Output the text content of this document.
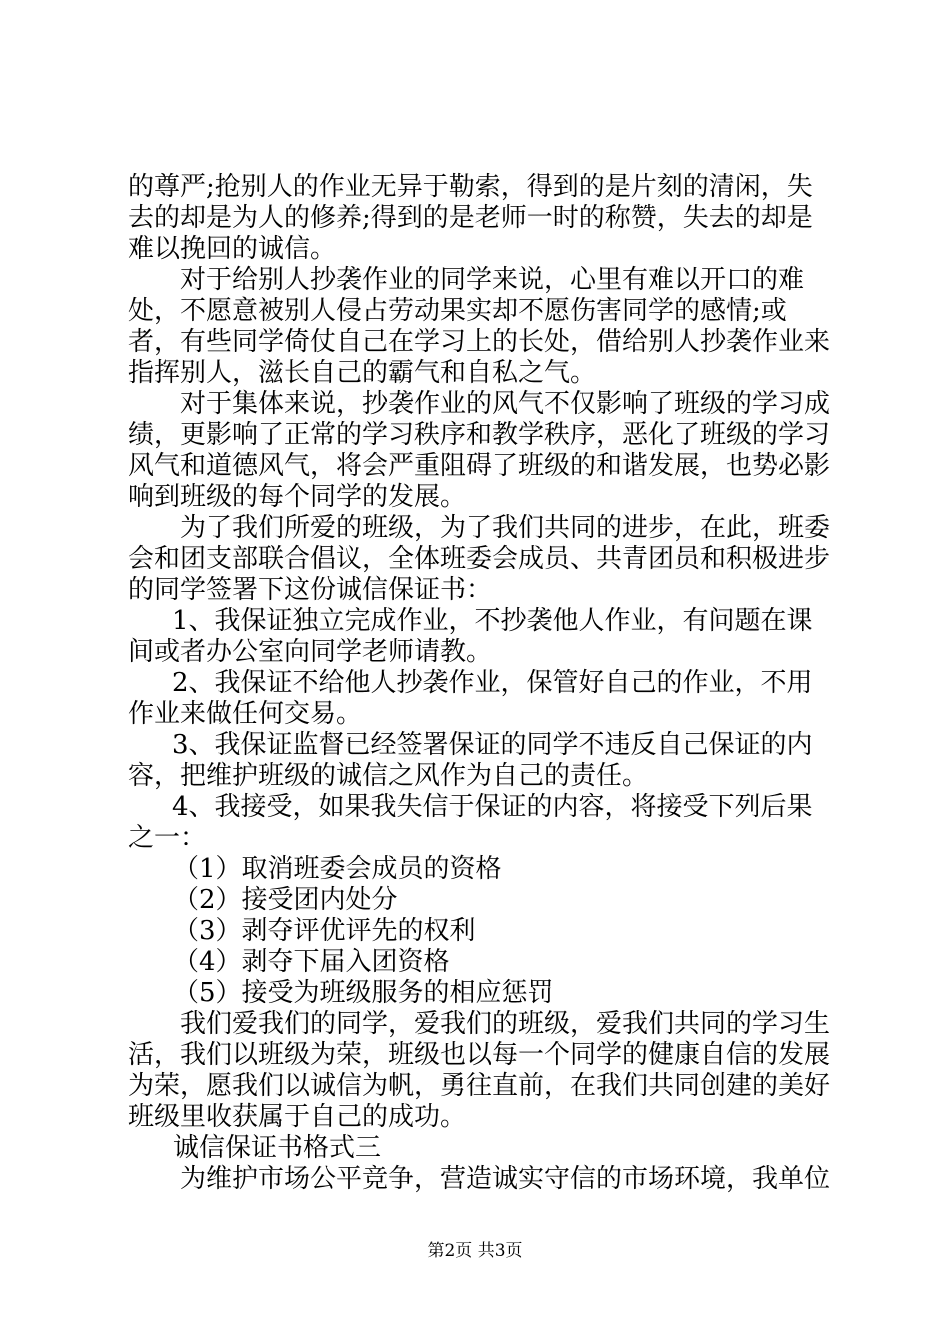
的尊严;抢别人的作业无异于勒索，得到的是片刻的清闲，失去的却是为人的修养;得到的是老师一时的称赞，失去的却是难以挽回的诚信。

对于给别人抄袭作业的同学来说，心里有难以开口的难处，不愿意被别人侵占劳动果实却不愿伤害同学的感情;或者，有些同学倚仗自己在学习上的长处，借给别人抄袭作业来指挥别人，滋长自己的霸气和自私之气。

对于集体来说，抄袭作业的风气不仅影响了班级的学习成绩，更影响了正常的学习秩序和教学秩序，恶化了班级的学习风气和道德风气，将会严重阻碍了班级的和谐发展，也势必影响到班级的每个同学的发展。

为了我们所爱的班级，为了我们共同的进步，在此，班委会和团支部联合倡议，全体班委会成员、共青团员和积极进步的同学签署下这份诚信保证书：

1、我保证独立完成作业，不抄袭他人作业，有问题在课间或者办公室向同学老师请教。

2、我保证不给他人抄袭作业，保管好自己的作业，不用作业来做任何交易。

3、我保证监督已经签署保证的同学不违反自己保证的内容，把维护班级的诚信之风作为自己的责任。

4、我接受，如果我失信于保证的内容，将接受下列后果之一：

（1）取消班委会成员的资格

（2）接受团内处分

（3）剥夺评优评先的权利

（4）剥夺下届入团资格

（5）接受为班级服务的相应惩罚

我们爱我们的同学，爱我们的班级，爱我们共同的学习生活，我们以班级为荣，班级也以每一个同学的健康自信的发展为荣，愿我们以诚信为帆，勇往直前，在我们共同创建的美好班级里收获属于自己的成功。

诚信保证书格式三

为维护市场公平竞争，营造诚实守信的市场环境，我单位

第2页 共3页
